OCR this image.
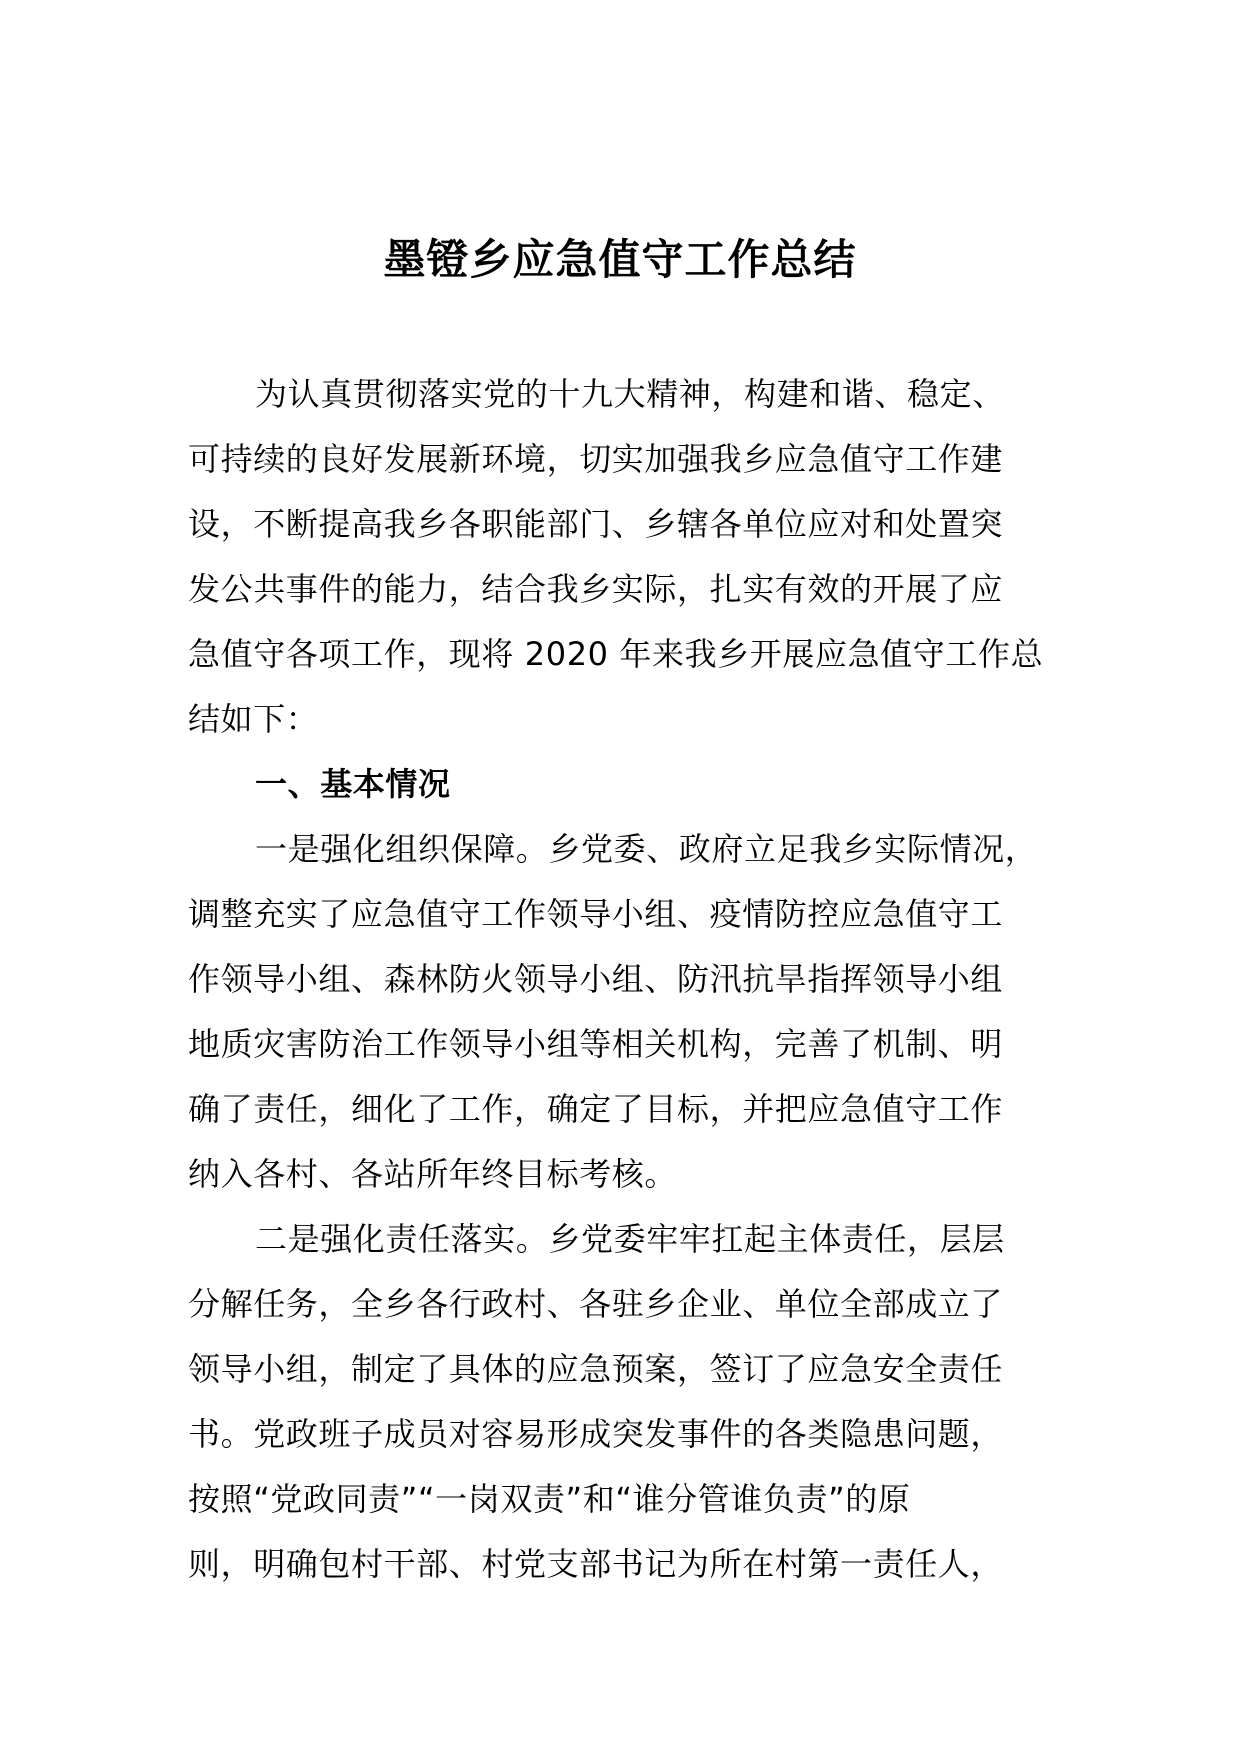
墨镫乡应急值守工作总结
为认真贯彻落实党的十九大精神，构建和谐、稳定、
可持续的良好发展新环境，切实加强我乡应急值守工作建
设，不断提高我乡各职能部门、乡辖各单位应对和处置突
发公共事件的能力，结合我乡实际，扎实有效的开展了应
急值守各项工作，现将 2020 年来我乡开展应急值守工作总
结如下：
一、基本情况
一是强化组织保障。乡党委、政府立足我乡实际情况，
调整充实了应急值守工作领导小组、疫情防控应急值守工
作领导小组、森林防火领导小组、防汛抗旱指挥领导小组
地质灾害防治工作领导小组等相关机构，完善了机制、明
确了责任，细化了工作，确定了目标，并把应急值守工作
纳入各村、各站所年终目标考核。
二是强化责任落实。乡党委牢牢扛起主体责任，层层
分解任务，全乡各行政村、各驻乡企业、单位全部成立了
领导小组，制定了具体的应急预案，签订了应急安全责任
书。党政班子成员对容易形成突发事件的各类隐患问题，
按照“党政同责”“一岗双责”和“谁分管谁负责”的原
则，明确包村干部、村党支部书记为所在村第一责任人，
